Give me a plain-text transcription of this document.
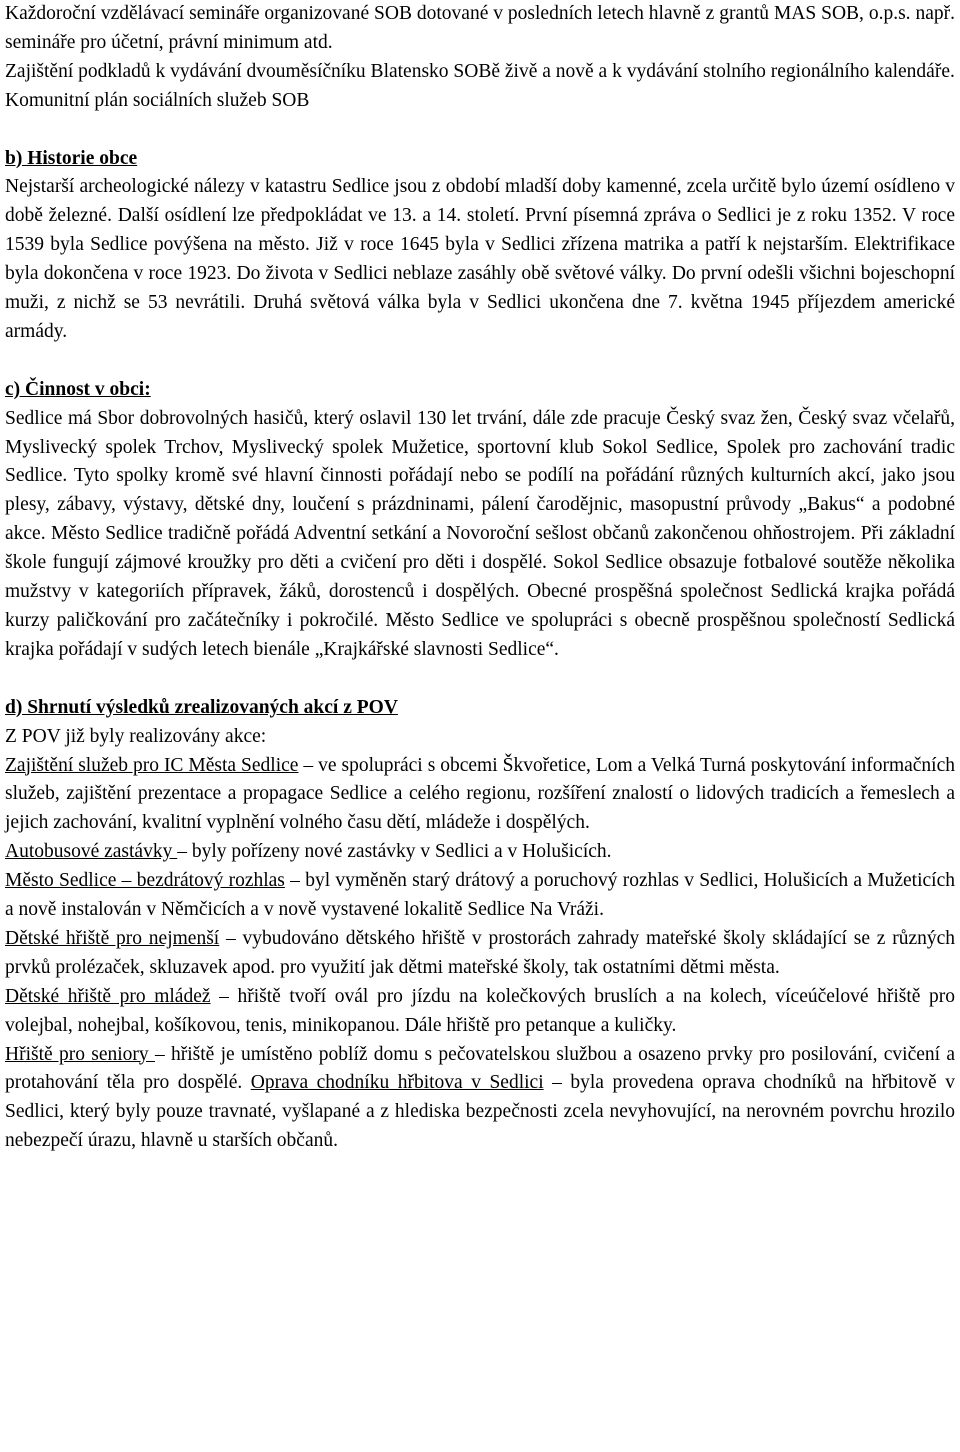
Každoroční vzdělávací semináře organizované SOB dotované v posledních letech hlavně z grantů MAS SOB, o.p.s. např. semináře pro účetní, právní minimum atd.

Zajištění podkladů k vydávání dvouměsíčníku Blatensko SOBě živě a nově a k vydávání stolního regionálního kalendáře.

Komunitní plán sociálních služeb SOB

b) Historie obce

Nejstarší archeologické nálezy v katastru Sedlice jsou z období mladší doby kamenné, zcela určitě bylo území osídleno v době železné. Další osídlení lze předpokládat ve 13. a 14. století. První písemná zpráva o Sedlici je z roku 1352. V roce 1539 byla Sedlice povýšena na město. Již v roce 1645 byla v Sedlici zřízena matrika a patří k nejstarším. Elektrifikace byla dokončena v roce 1923. Do života v Sedlici neblaze zasáhly obě světové války. Do první odešli všichni bojeschopní muži, z nichž se 53 nevrátili. Druhá světová válka byla v Sedlici ukončena dne 7. května 1945 příjezdem americké armády.

c) Činnost v obci:

Sedlice má Sbor dobrovolných hasičů, který oslavil 130 let trvání, dále zde pracuje Český svaz žen, Český svaz včelařů, Myslivecký spolek Trchov, Myslivecký spolek Mužetice, sportovní klub Sokol Sedlice, Spolek pro zachování tradic Sedlice. Tyto spolky kromě své hlavní činnosti pořádají nebo se podílí na pořádání různých kulturních akcí, jako jsou plesy, zábavy, výstavy, dětské dny, loučení s prázdninami, pálení čarodějnic, masopustní průvody „Bakus“ a podobné akce. Město Sedlice tradičně pořádá Adventní setkání a Novoroční sešlost občanů zakončenou ohňostrojem. Při základní škole fungují zájmové kroužky pro děti a cvičení pro děti i dospělé. Sokol Sedlice obsazuje fotbalové soutěže několika mužstvy v kategoriích přípravek, žáků, dorostenců i dospělých. Obecné prospěšná společnost Sedlická krajka pořádá kurzy paličkování pro začátečníky i pokročilé. Město Sedlice ve spolupráci s obecně prospěšnou společností Sedlická krajka pořádají v sudých letech bienále „Krajkářské slavnosti Sedlice“.

d) Shrnutí výsledků zrealizovaných akcí z POV

Z POV již byly realizovány akce:

Zajištění služeb pro IC Města Sedlice – ve spolupráci s obcemi Škvořetice, Lom a Velká Turná poskytování informačních služeb, zajištění prezentace a propagace Sedlice a celého regionu, rozšíření znalostí o lidových tradicích a řemeslech a jejich zachování, kvalitní vyplnění volného času dětí, mládeže i dospělých.

Autobusové zastávky – byly pořízeny nové zastávky v Sedlici a v Holušicích.

Město Sedlice – bezdrátový rozhlas – byl vyměněn starý drátový a poruchový rozhlas v Sedlici, Holušicích a Mužeticích a nově instalován v Němčicích a v nově vystavené lokalitě Sedlice Na Vráži.

Dětské hřiště pro nejmenší – vybudováno dětského hřiště v prostorách zahrady mateřské školy skládající se z různých prvků prolézaček, skluzavek apod. pro využití jak dětmi mateřské školy, tak ostatními dětmi města.

Dětské hřiště pro mládež – hřiště tvoří ovál pro jízdu na kolečkových bruslích a na kolech, víceúčelové hřiště pro volejbal, nohejbal, košíkovou, tenis, minikopanou. Dále hřiště pro petanque a kuličky.

Hřiště pro seniory – hřiště je umístěno poblíž domu s pečovatelskou službou a osazeno prvky pro posilování, cvičení a protahování těla pro dospělé. Oprava chodníku hřbitova v Sedlici – byla provedena oprava chodníků na hřbitově v Sedlici, který byly pouze travnaté, vyšlapané a z hlediska bezpečnosti zcela nevyhovující, na nerovném povrchu hrozilo nebezpečí úrazu, hlavně u starších občanů.
